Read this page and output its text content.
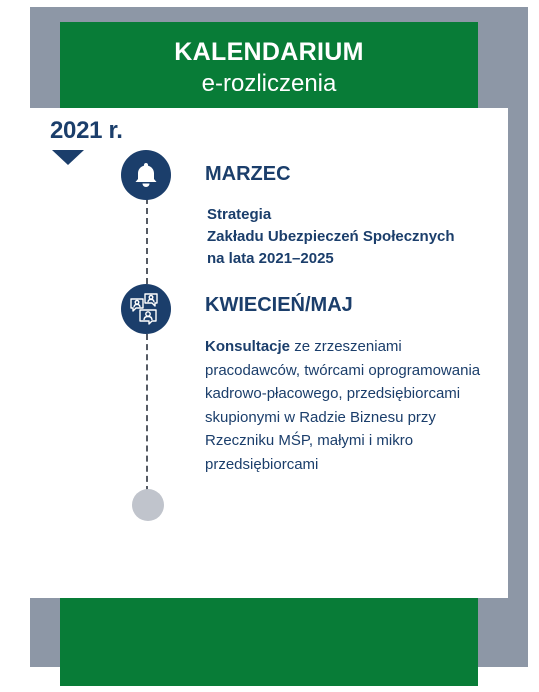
KALENDARIUM
e-rozliczenia
2021 r.
MARZEC

Strategia
Zakładu Ubezpieczeń Społecznych
na lata 2021–2025

KWIECIEŃ/MAJ

Konsultacje ze zrzeszeniami
pracodawców, twórcami oprogramowania
kadrowo-płacowego, przedsiębiorcami
skupionymi w Radzie Biznesu przy
Rzeczniku MŚP, małymi i mikro
przedsiębiorcami
